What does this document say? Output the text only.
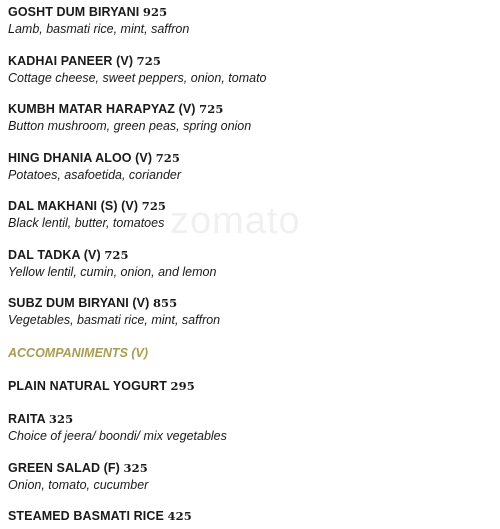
zomato
GOSHT DUM BIRYANI 925
Lamb, basmati rice, mint, saffron
KADHAI PANEER (V) 725
Cottage cheese, sweet peppers, onion, tomato
KUMBH MATAR HARAPYAZ (V) 725
Button mushroom, green peas, spring onion
HING DHANIA ALOO (V) 725
Potatoes, asafoetida, coriander
DAL MAKHANI (S) (V) 725
Black lentil, butter, tomatoes
DAL TADKA (V) 725
Yellow lentil, cumin, onion, and lemon
SUBZ DUM BIRYANI (V) 855
Vegetables, basmati rice, mint, saffron
ACCOMPANIMENTS (V)
PLAIN NATURAL YOGURT 295
RAITA 325
Choice of jeera/ boondi/ mix vegetables
GREEN SALAD (F) 325
Onion, tomato, cucumber
STEAMED BASMATI RICE 425
